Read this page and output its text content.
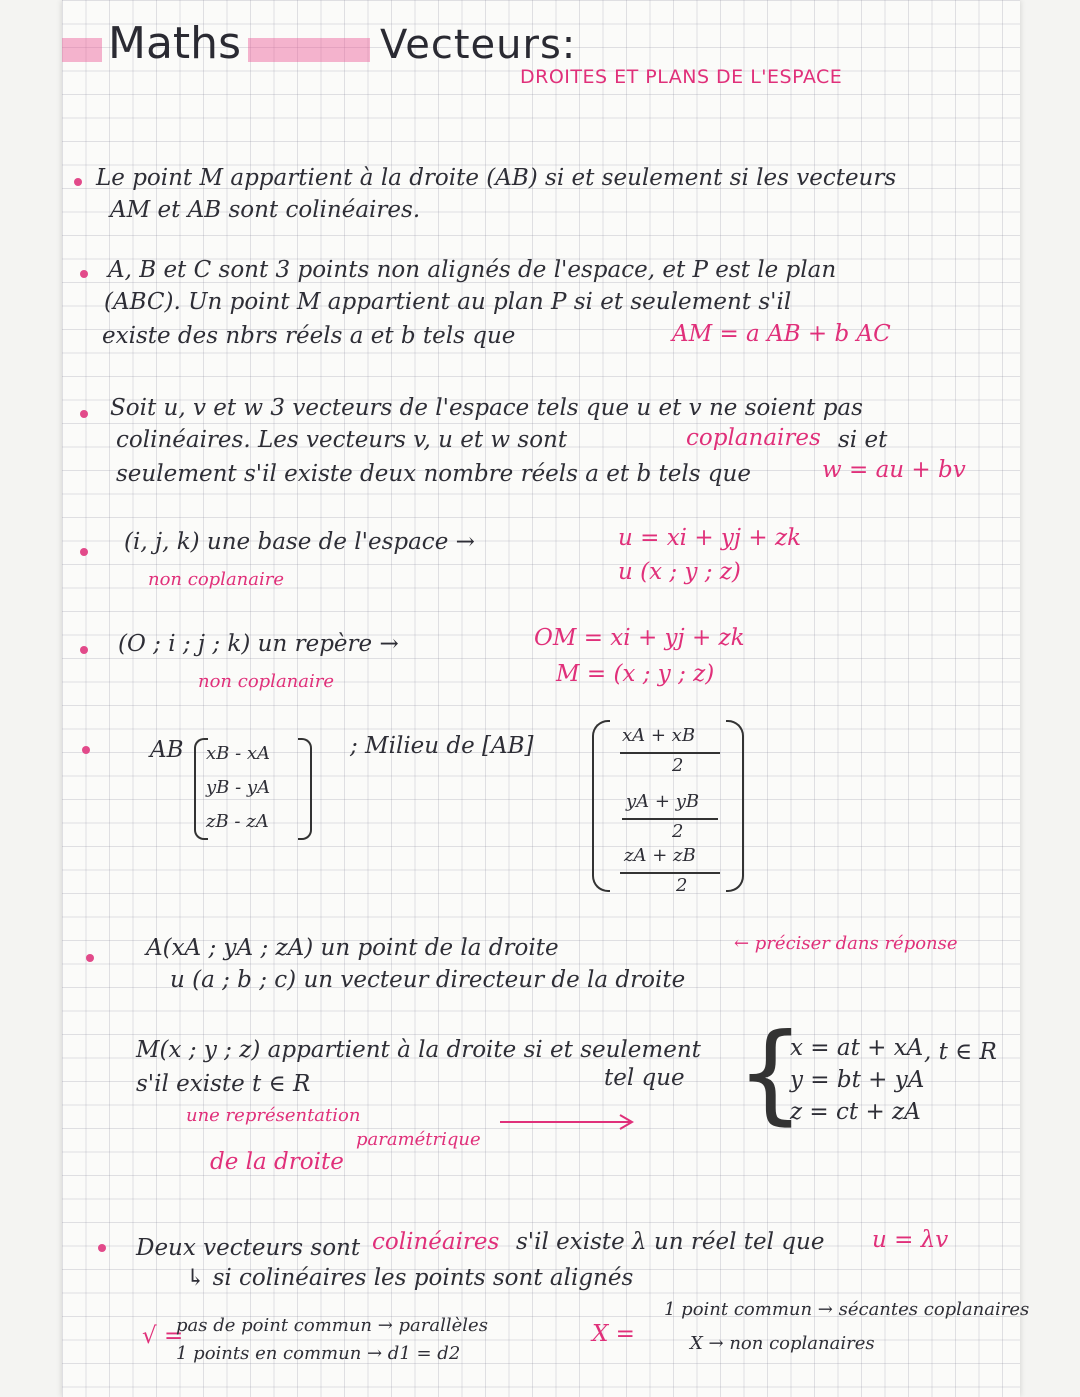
Maths	Vecteurs:
DROITES ET PLANS DE L'ESPACE
Le point M appartient à la droite (AB) si et seulement si les vecteurs
AM et AB sont colinéaires.
A, B et C sont 3 points non alignés de l'espace, et P est le plan
(ABC). Un point M appartient au plan P si et seulement s'il
existe des nbrs réels a et b tels que	AM = a AB + b AC
Soit u, v et w 3 vecteurs de l'espace tels que u et v ne soient pas
colinéaires. Les vecteurs v, u et w sont	coplanaires si et
seulement s'il existe deux nombre réels a et b tels que	w = au + bv
(i, j, k) une base de l'espace →
non coplanaire
u = xi + yj + zk
u (x ; y ; z)
(O ; i ; j ; k) un repère →
non coplanaire
OM = xi + yj + zk
M = (x ; y ; z)
AB xB - xA
yB - yA
zB - zA
; Milieu de [AB]	xA + xB
2
yA + yB
2
zA + zB
2
A(xA ; yA ; zA) un point de la droite
u (a ; b ; c) un vecteur directeur de la droite
← préciser dans réponse
M(x ; y ; z) appartient à la droite si et seulement
s'il existe t ∈ R	tel que
une représentation
paramétrique
de la droite
{
x = at + xA
y = bt + yA
z = ct + zA
, t ∈ R
Deux vecteurs sont colinéaires s'il existe λ un réel tel que u = λv
↳ si colinéaires les points sont alignés
√ =
pas de point commun → parallèles
1 points en commun → d1 = d2
X =
1 point commun → sécantes coplanaires
X → non coplanaires
